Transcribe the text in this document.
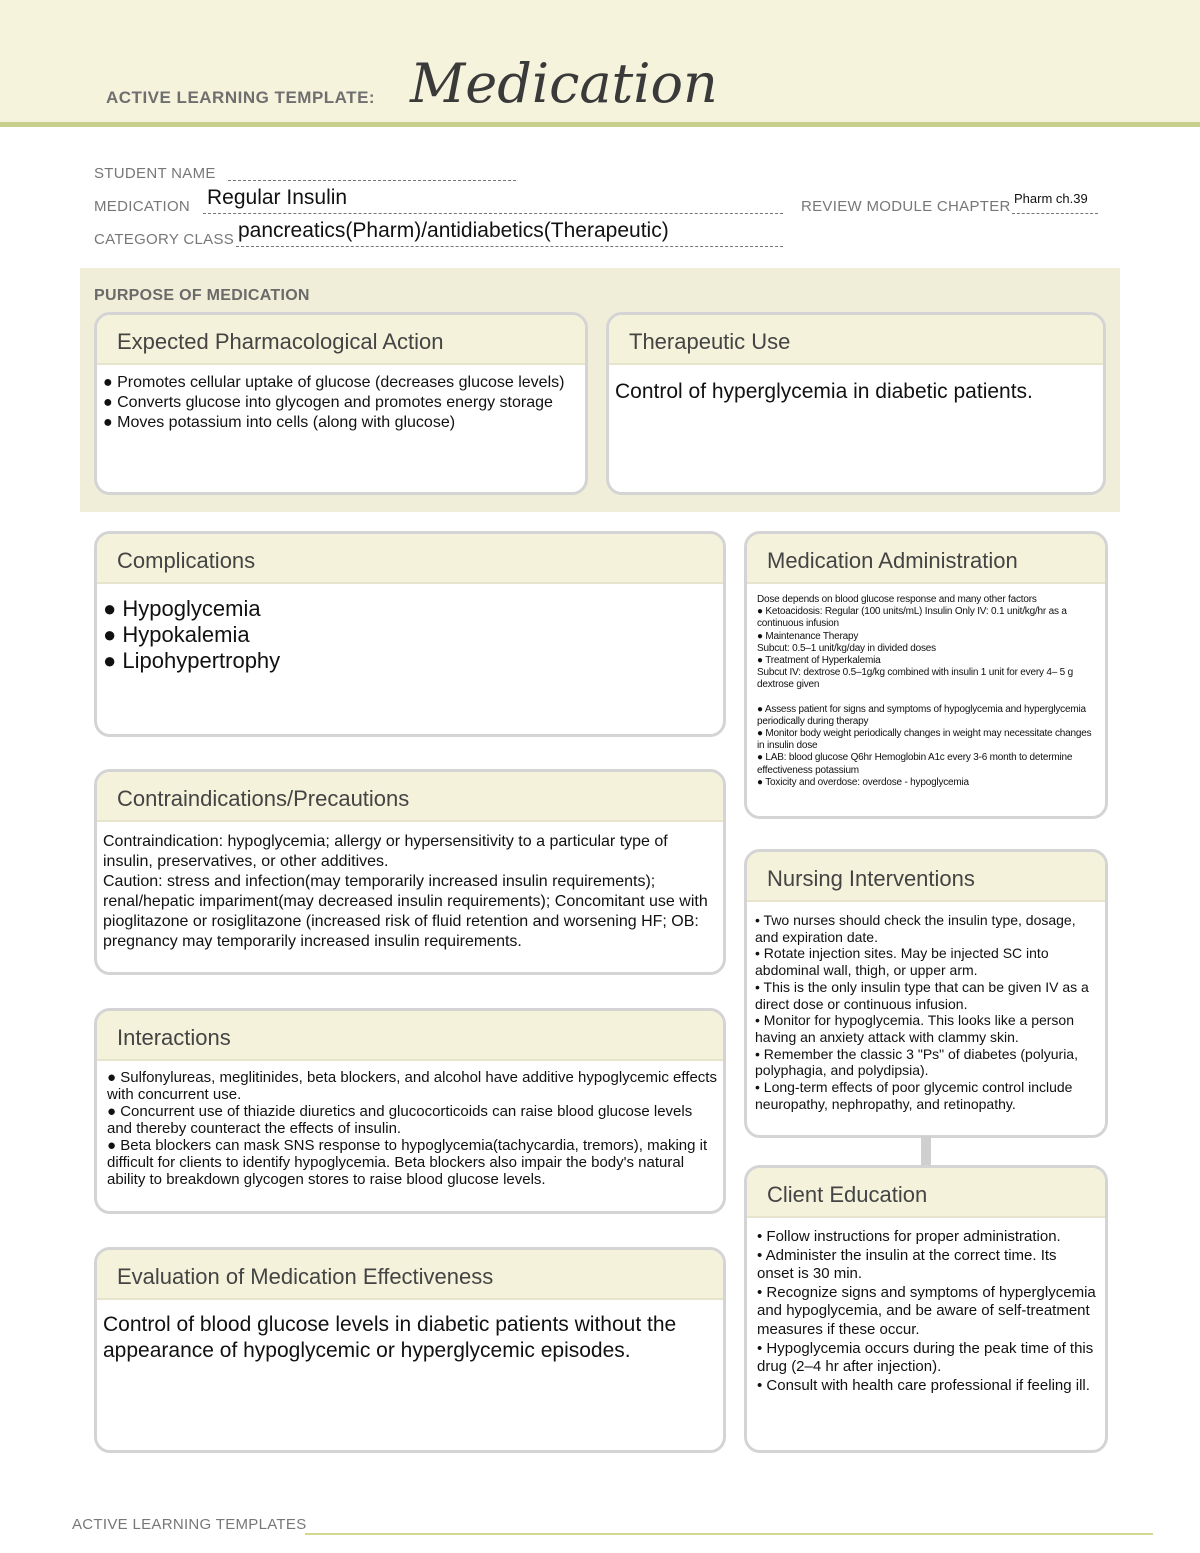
ACTIVE LEARNING TEMPLATE: Medication
STUDENT NAME
MEDICATION Regular Insulin	REVIEW MODULE CHAPTER Pharm ch.39
CATEGORY CLASS pancreatics(Pharm)/antidiabetics(Therapeutic)
PURPOSE OF MEDICATION
Expected Pharmacological Action
● Promotes cellular uptake of glucose (decreases glucose levels)
● Converts glucose into glycogen and promotes energy storage
● Moves potassium into cells (along with glucose)
Therapeutic Use
Control of hyperglycemia in diabetic patients.
Complications
● Hypoglycemia
● Hypokalemia
● Lipohypertrophy
Contraindications/Precautions
Contraindication: hypoglycemia; allergy or hypersensitivity to a particular type of insulin, preservatives, or other additives.
Caution: stress and infection(may temporarily increased insulin requirements); renal/hepatic impariment(may decreased insulin requirements); Concomitant use with pioglitazone or rosiglitazone (increased risk of fluid retention and worsening HF; OB: pregnancy may temporarily increased insulin requirements.
Interactions
● Sulfonylureas, meglitinides, beta blockers, and alcohol have additive hypoglycemic effects with concurrent use.
● Concurrent use of thiazide diuretics and glucocorticoids can raise blood glucose levels and thereby counteract the effects of insulin.
● Beta blockers can mask SNS response to hypoglycemia(tachycardia, tremors), making it difficult for clients to identify hypoglycemia. Beta blockers also impair the body's natural ability to breakdown glycogen stores to raise blood glucose levels.
Evaluation of Medication Effectiveness
Control of blood glucose levels in diabetic patients without the appearance of hypoglycemic or hyperglycemic episodes.
Medication Administration
Dose depends on blood glucose response and many other factors
● Ketoacidosis: Regular (100 units/mL) Insulin Only IV: 0.1 unit/kg/hr as a continuous infusion
● Maintenance Therapy
Subcut: 0.5–1 unit/kg/day in divided doses
● Treatment of Hyperkalemia
Subcut IV: dextrose 0.5–1g/kg combined with insulin 1 unit for every 4– 5 g dextrose given
● Assess patient for signs and symptoms of hypoglycemia and hyperglycemia periodically during therapy
● Monitor body weight periodically changes in weight may necessitate changes in insulin dose
● LAB: blood glucose Q6hr Hemoglobin A1c every 3-6 month to determine effectiveness potassium
● Toxicity and overdose: overdose - hypoglycemia
Nursing Interventions
• Two nurses should check the insulin type, dosage, and expiration date.
• Rotate injection sites. May be injected SC into abdominal wall, thigh, or upper arm.
• This is the only insulin type that can be given IV as a direct dose or continuous infusion.
• Monitor for hypoglycemia. This looks like a person having an anxiety attack with clammy skin.
• Remember the classic 3 "Ps" of diabetes (polyuria, polyphagia, and polydipsia).
• Long-term effects of poor glycemic control include neuropathy, nephropathy, and retinopathy.
Client Education
• Follow instructions for proper administration.
• Administer the insulin at the correct time. Its onset is 30 min.
• Recognize signs and symptoms of hyperglycemia and hypoglycemia, and be aware of self-treatment measures if these occur.
• Hypoglycemia occurs during the peak time of this drug (2–4 hr after injection).
• Consult with health care professional if feeling ill.
ACTIVE LEARNING TEMPLATES
